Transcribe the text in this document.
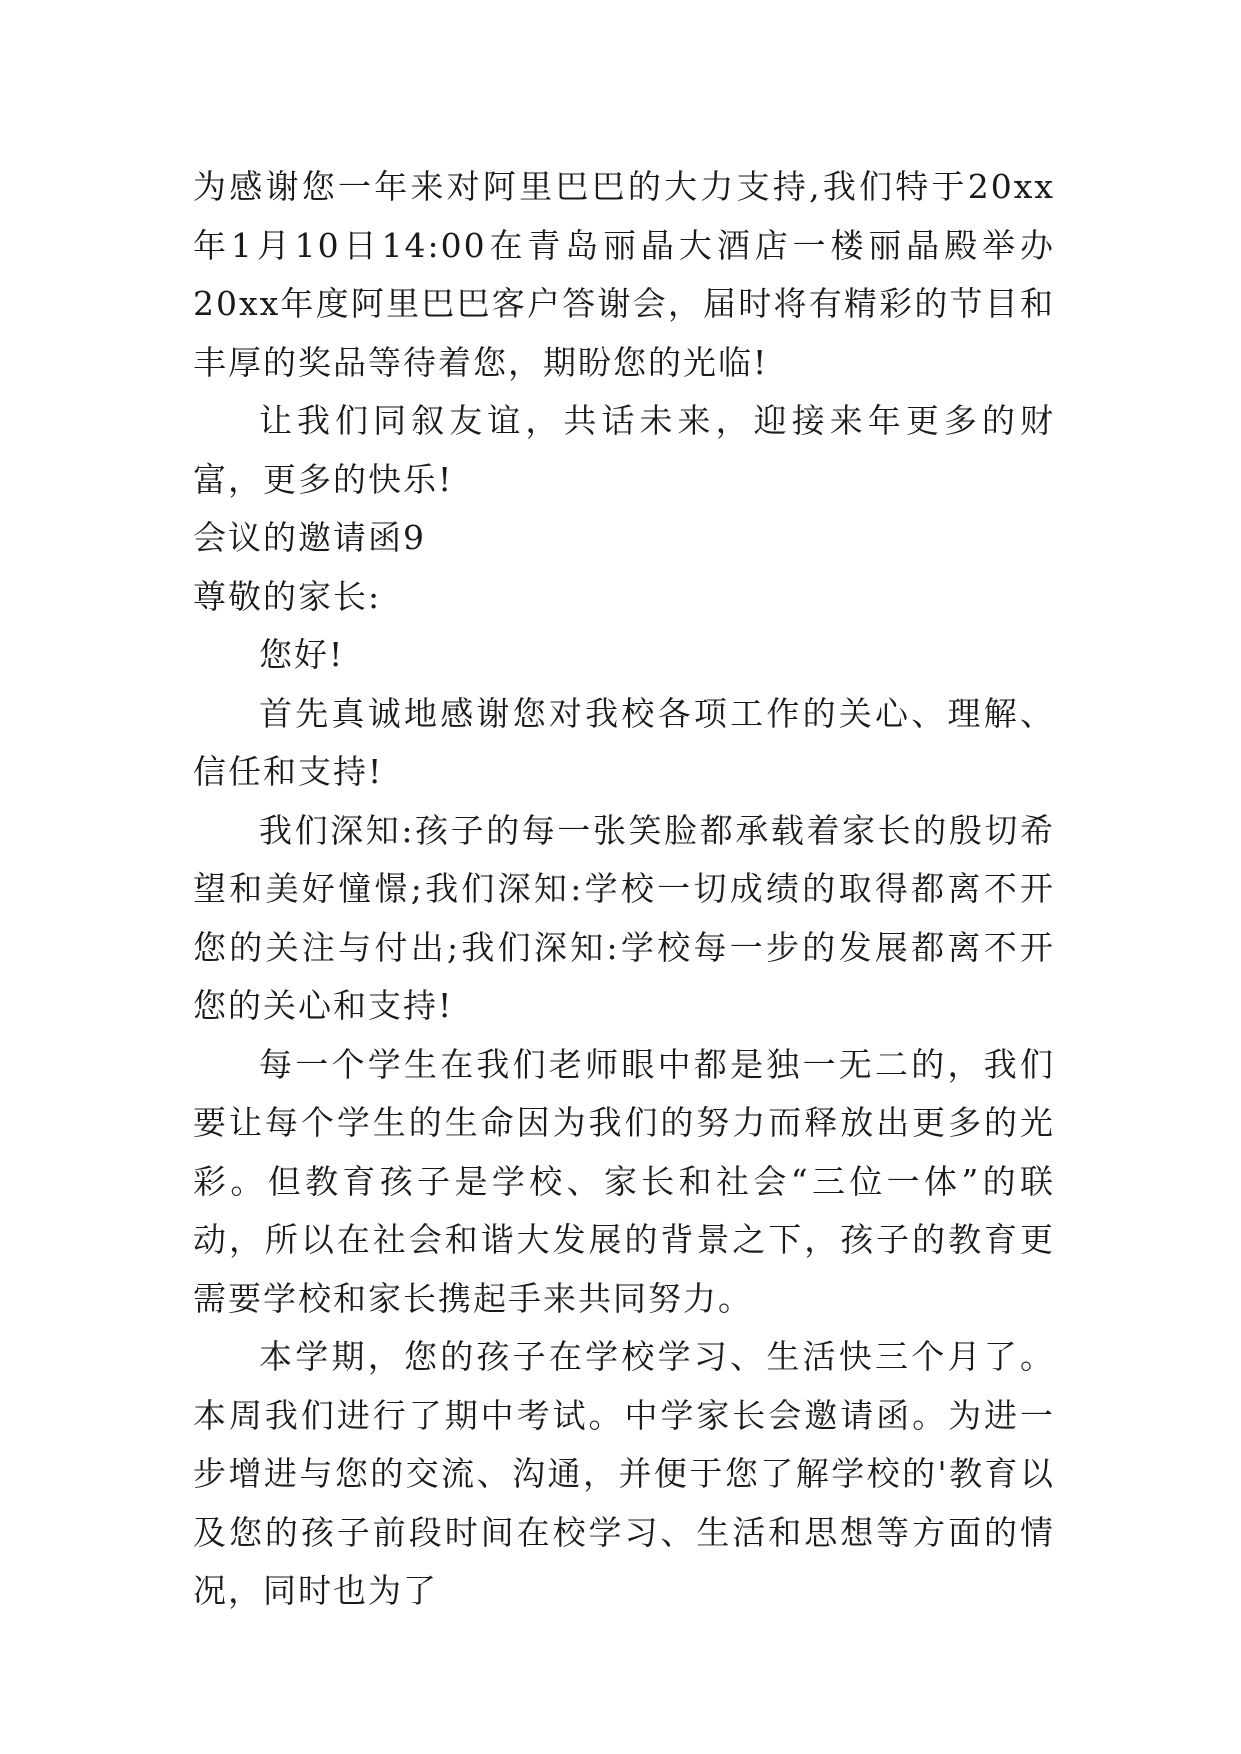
为感谢您一年来对阿里巴巴的大力支持,我们特于20xx年1月10日14:00在青岛丽晶大酒店一楼丽晶殿举办20xx年度阿里巴巴客户答谢会，届时将有精彩的节目和丰厚的奖品等待着您，期盼您的光临!

让我们同叙友谊，共话未来，迎接来年更多的财富，更多的快乐!

会议的邀请函9

尊敬的家长:

您好!

首先真诚地感谢您对我校各项工作的关心、理解、信任和支持!

我们深知:孩子的每一张笑脸都承载着家长的殷切希望和美好憧憬;我们深知:学校一切成绩的取得都离不开您的关注与付出;我们深知:学校每一步的发展都离不开您的关心和支持!

每一个学生在我们老师眼中都是独一无二的，我们要让每个学生的生命因为我们的努力而释放出更多的光彩。但教育孩子是学校、家长和社会“三位一体”的联动，所以在社会和谐大发展的背景之下，孩子的教育更需要学校和家长携起手来共同努力。

本学期，您的孩子在学校学习、生活快三个月了。本周我们进行了期中考试。中学家长会邀请函。为进一步增进与您的交流、沟通，并便于您了解学校的'教育以及您的孩子前段时间在校学习、生活和思想等方面的情况，同时也为了
